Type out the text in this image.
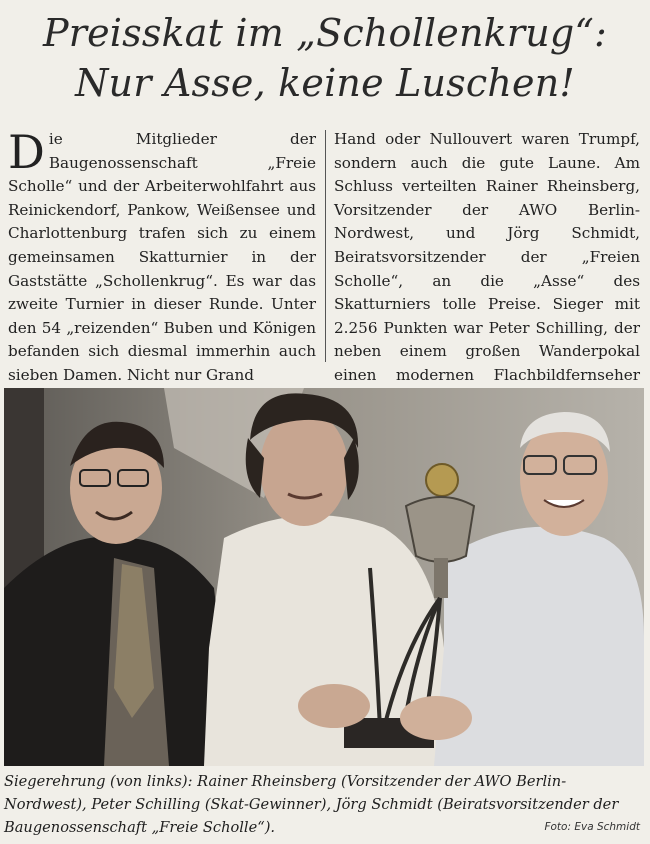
Preisskat im „Schollenkrug“:
Nur Asse, keine Luschen!
Die Mitglieder der Baugenossenschaft „Freie Scholle“ und der Arbeiterwohlfahrt aus Reinickendorf, Pankow, Weißensee und Charlottenburg trafen sich zu einem gemeinsamen Skatturnier in der Gaststätte „Schollenkrug“. Es war das zweite Turnier in dieser Runde. Unter den 54 „reizenden“ Buben und Königen befanden sich diesmal immerhin auch sieben Damen. Nicht nur Grand
Hand oder Nullouvert waren Trumpf, sondern auch die gute Laune. Am Schluss verteilten Rainer Rheinsberg, Vorsitzender der AWO Berlin-Nordwest, und Jörg Schmidt, Beiratsvorsitzender der „Freien Scholle“, an die „Asse“ des Skatturniers tolle Preise. Sieger mit 2.256 Punkten war Peter Schilling, der neben einem großen Wanderpokal einen modernen Flachbildfernseher
Siegerehrung (von links): Rainer Rheinsberg (Vorsitzender der AWO Berlin-Nordwest), Peter Schilling (Skat-Gewinner), Jörg Schmidt (Beiratsvorsitzender der Baugenossenschaft „Freie Scholle“).	Foto: Eva Schmidt
